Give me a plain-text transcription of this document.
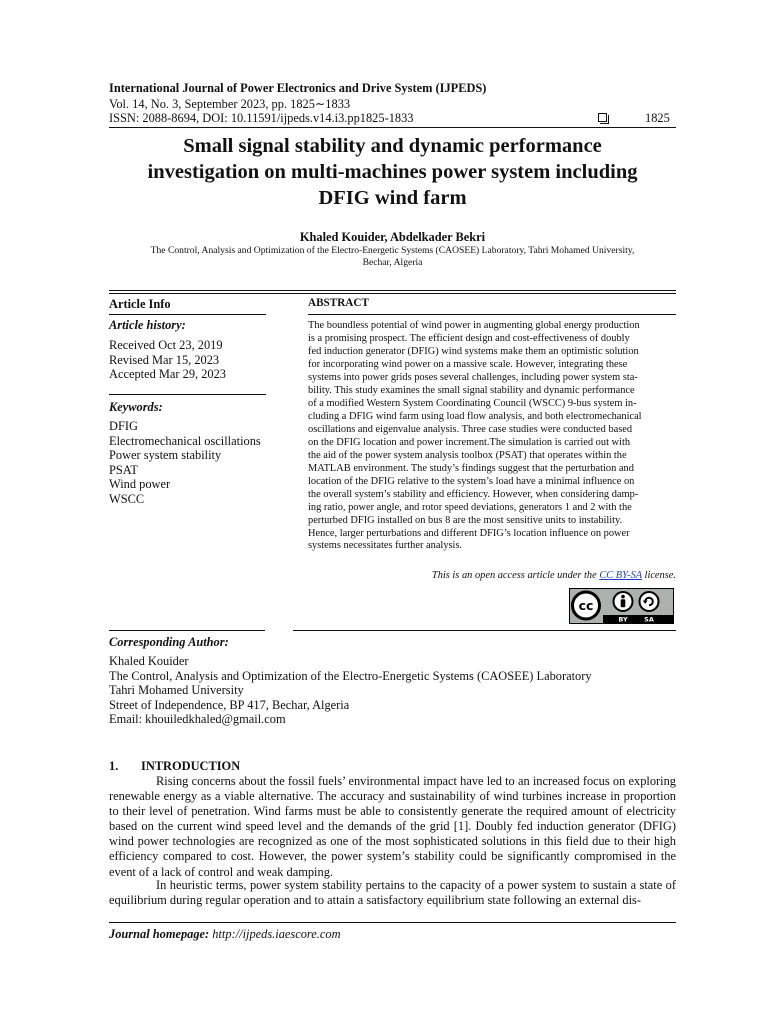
International Journal of Power Electronics and Drive System (IJPEDS)
Vol. 14, No. 3, September 2023, pp. 1825∼1833
ISSN: 2088-8694, DOI: 10.11591/ijpeds.v14.i3.pp1825-1833	1825
Small signal stability and dynamic performance
investigation on multi-machines power system including
DFIG wind farm
Khaled Kouider, Abdelkader Bekri
The Control, Analysis and Optimization of the Electro-Energetic Systems (CAOSEE) Laboratory, Tahri Mohamed University,
Bechar, Algeria
Article Info
Article history:
Received Oct 23, 2019
Revised Mar 15, 2023
Accepted Mar 29, 2023
Keywords:
DFIG
Electromechanical oscillations
Power system stability
PSAT
Wind power
WSCC
ABSTRACT
The boundless potential of wind power in augmenting global energy production
is a promising prospect. The efficient design and cost-effectiveness of doubly
fed induction generator (DFIG) wind systems make them an optimistic solution
for incorporating wind power on a massive scale. However, integrating these
systems into power grids poses several challenges, including power system sta-
bility. This study examines the small signal stability and dynamic performance
of a modified Western System Coordinating Council (WSCC) 9-bus system in-
cluding a DFIG wind farm using load flow analysis, and both electromechanical
oscillations and eigenvalue analysis. Three case studies were conducted based
on the DFIG location and power increment.The simulation is carried out with
the aid of the power system analysis toolbox (PSAT) that operates within the
MATLAB environment. The study’s findings suggest that the perturbation and
location of the DFIG relative to the system’s load have a minimal influence on
the overall system’s stability and efficiency. However, when considering damp-
ing ratio, power angle, and rotor speed deviations, generators 1 and 2 with the
perturbed DFIG installed on bus 8 are the most sensitive units to instability.
Hence, larger perturbations and different DFIG’s location influence on power
systems necessitates further analysis.
This is an open access article under the CC BY-SA license.
cc
BY	SA
Corresponding Author:
Khaled Kouider
The Control, Analysis and Optimization of the Electro-Energetic Systems (CAOSEE) Laboratory
Tahri Mohamed University
Street of Independence, BP 417, Bechar, Algeria
Email: khouiledkhaled@gmail.com
1. INTRODUCTION
Rising concerns about the fossil fuels’ environmental impact have led to an increased focus on exploring renewable energy as a viable alternative. The accuracy and sustainability of wind turbines increase in proportion to their level of penetration. Wind farms must be able to consistently generate the required amount of electricity based on the current wind speed level and the demands of the grid [1]. Doubly fed induction generator (DFIG) wind power technologies are recognized as one of the most sophisticated solutions in this field due to their high efficiency compared to cost. However, the power system’s stability could be significantly compromised in the event of a lack of control and weak damping.
In heuristic terms, power system stability pertains to the capacity of a power system to sustain a state of equilibrium during regular operation and to attain a satisfactory equilibrium state following an external dis-
Journal homepage: http://ijpeds.iaescore.com
